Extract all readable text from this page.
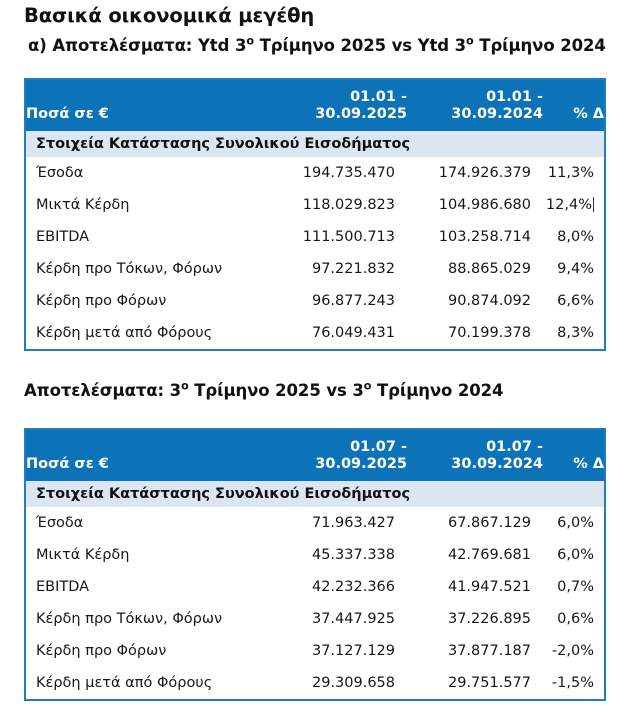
Βασικά οικονομικά μεγέθη
α) Αποτελέσματα: Ytd $3^o$ Τρίμηνο 2025 vs Ytd $3^o$ Τρίμηνο 2024
	01.01 -	01.01 -	
Ποσά σε €	30.09.2025	30.09.2024	% Δ
Στοιχεία Κατάστασης Συνολικού Εισοδήματος			
Έσοδα	194.735.470	174.926.379	11,3%
Μικτά Κέρδη	118.029.823	104.986.680	12,4%
EBITDA	111.500.713	103.258.714	8,0%
Κέρδη προ Τόκων, Φόρων	97.221.832	88.865.029	9,4%
Κέρδη προ Φόρων	96.877.243	90.874.092	6,6%
Κέρδη μετά από Φόρους	76.049.431	70.199.378	8,3%
Αποτελέσματα: $3^o$ Τρίμηνο 2025 vs $3^o$ Τρίμηνο 2024
	01.07 -	01.07 -	
Ποσά σε €	30.09.2025	30.09.2024	% Δ
Στοιχεία Κατάστασης Συνολικού Εισοδήματος			
Έσοδα	71.963.427	67.867.129	6,0%
Μικτά Κέρδη	45.337.338	42.769.681	6,0%
EBITDA	42.232.366	41.947.521	0,7%
Κέρδη προ Τόκων, Φόρων	37.447.925	37.226.895	0,6%
Κέρδη προ Φόρων	37.127.129	37.877.187	-2,0%
Κέρδη μετά από Φόρους	29.309.658	29.751.577	-1,5%
